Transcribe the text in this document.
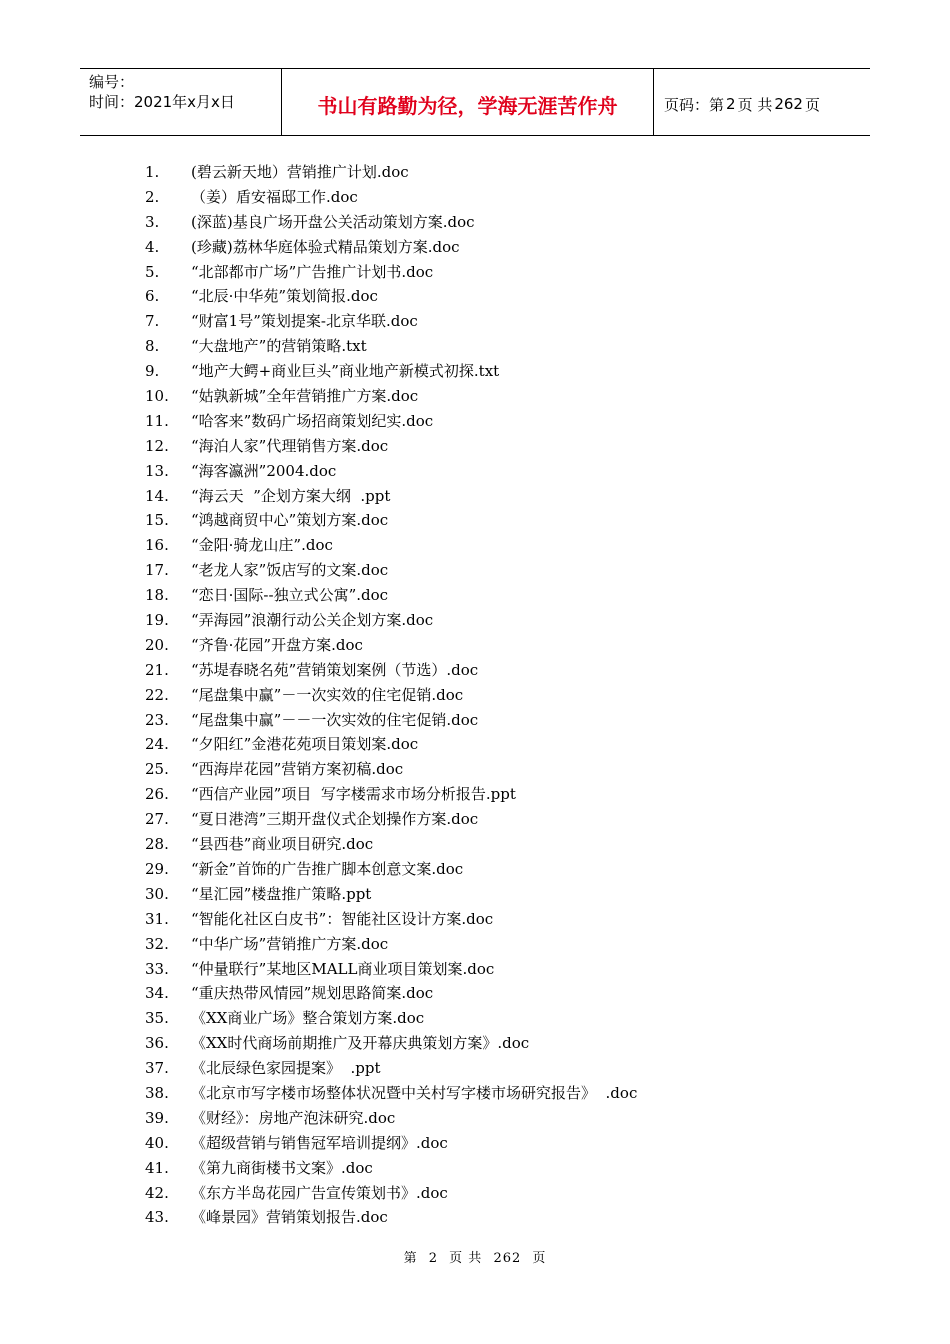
编号：
时间：2021年x月x日	书山有路勤为径，学海无涯苦作舟	页码：第 2 页 共 262 页
1.	(碧云新天地）营销推广计划.doc
2.	（姜）盾安福邸工作.doc
3.	(深蓝)基良广场开盘公关活动策划方案.doc
4.	(珍藏)荔林华庭体验式精品策划方案.doc
5.	“北部都市广场”广告推广计划书.doc
6.	“北辰·中华苑”策划简报.doc
7.	“财富1号”策划提案-北京华联.doc
8.	“大盘地产”的营销策略.txt
9.	“地产大鳄+商业巨头”商业地产新模式初探.txt
10.	“姑孰新城”全年营销推广方案.doc
11.	“哈客来”数码广场招商策划纪实.doc
12.	“海泊人家”代理销售方案.doc
13.	“海客瀛洲”2004.doc
14.	“海云天  ”企划方案大纲  .ppt
15.	“鸿越商贸中心”策划方案.doc
16.	“金阳·骑龙山庄”.doc
17.	“老龙人家”饭店写的文案.doc
18.	“恋日·国际--独立式公寓”.doc
19.	“弄海园”浪潮行动公关企划方案.doc
20.	“齐鲁·花园”开盘方案.doc
21.	“苏堤春晓名苑”营销策划案例（节选）.doc
22.	“尾盘集中赢”－一次实效的住宅促销.doc
23.	“尾盘集中赢”－－一次实效的住宅促销.doc
24.	“夕阳红”金港花苑项目策划案.doc
25.	“西海岸花园”营销方案初稿.doc
26.	“西信产业园”项目  写字楼需求市场分析报告.ppt
27.	“夏日港湾”三期开盘仪式企划操作方案.doc
28.	“县西巷”商业项目研究.doc
29.	“新金”首饰的广告推广脚本创意文案.doc
30.	“星汇园”楼盘推广策略.ppt
31.	“智能化社区白皮书”：智能社区设计方案.doc
32.	“中华广场”营销推广方案.doc
33.	“仲量联行”某地区MALL商业项目策划案.doc
34.	“重庆热带风情园”规划思路简案.doc
35.	《XX商业广场》整合策划方案.doc
36.	《XX时代商场前期推广及开幕庆典策划方案》.doc
37.	《北辰绿色家园提案》  .ppt
38.	《北京市写字楼市场整体状况暨中关村写字楼市场研究报告》  .doc
39.	《财经》：房地产泡沫研究.doc
40.	《超级营销与销售冠军培训提纲》.doc
41.	《第九商街楼书文案》.doc
42.	《东方半岛花园广告宣传策划书》.doc
43.	《峰景园》营销策划报告.doc
第 2 页 共 262 页
